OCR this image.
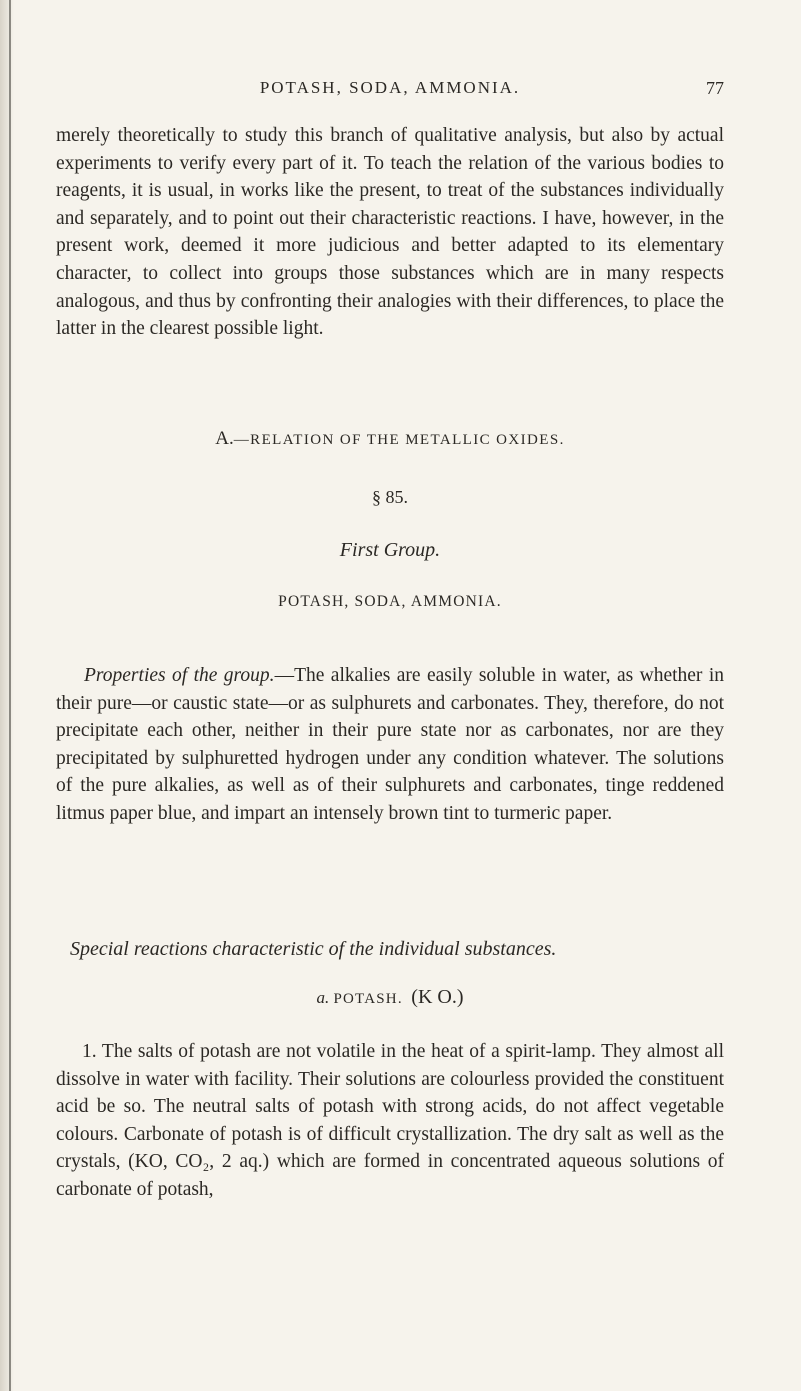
POTASH, SODA, AMMONIA.	77

merely theoretically to study this branch of qualitative analysis, but also by actual experiments to verify every part of it. To teach the relation of the various bodies to reagents, it is usual, in works like the present, to treat of the substances individually and separately, and to point out their characteristic reactions. I have, however, in the present work, deemed it more judicious and better adapted to its elementary character, to collect into groups those substances which are in many respects analogous, and thus by confronting their analogies with their differences, to place the latter in the clearest possible light.

A.—RELATION OF THE METALLIC OXIDES.

§ 85.

First Group.

POTASH, SODA, AMMONIA.

Properties of the group.—The alkalies are easily soluble in water, as whether in their pure—or caustic state—or as sulphurets and carbonates. They, therefore, do not precipitate each other, neither in their pure state nor as carbonates, nor are they precipitated by sulphuretted hydrogen under any condition whatever. The solutions of the pure alkalies, as well as of their sulphurets and carbonates, tinge reddened litmus paper blue, and impart an intensely brown tint to turmeric paper.

Special reactions characteristic of the individual substances.

a. POTASH. (K O.)

1. The salts of potash are not volatile in the heat of a spirit-lamp. They almost all dissolve in water with facility. Their solutions are colourless provided the constituent acid be so. The neutral salts of potash with strong acids, do not affect vegetable colours. Carbonate of potash is of difficult crystallization. The dry salt as well as the crystals, (KO, CO₂, 2 aq.) which are formed in concentrated aqueous solutions of carbonate of potash,
